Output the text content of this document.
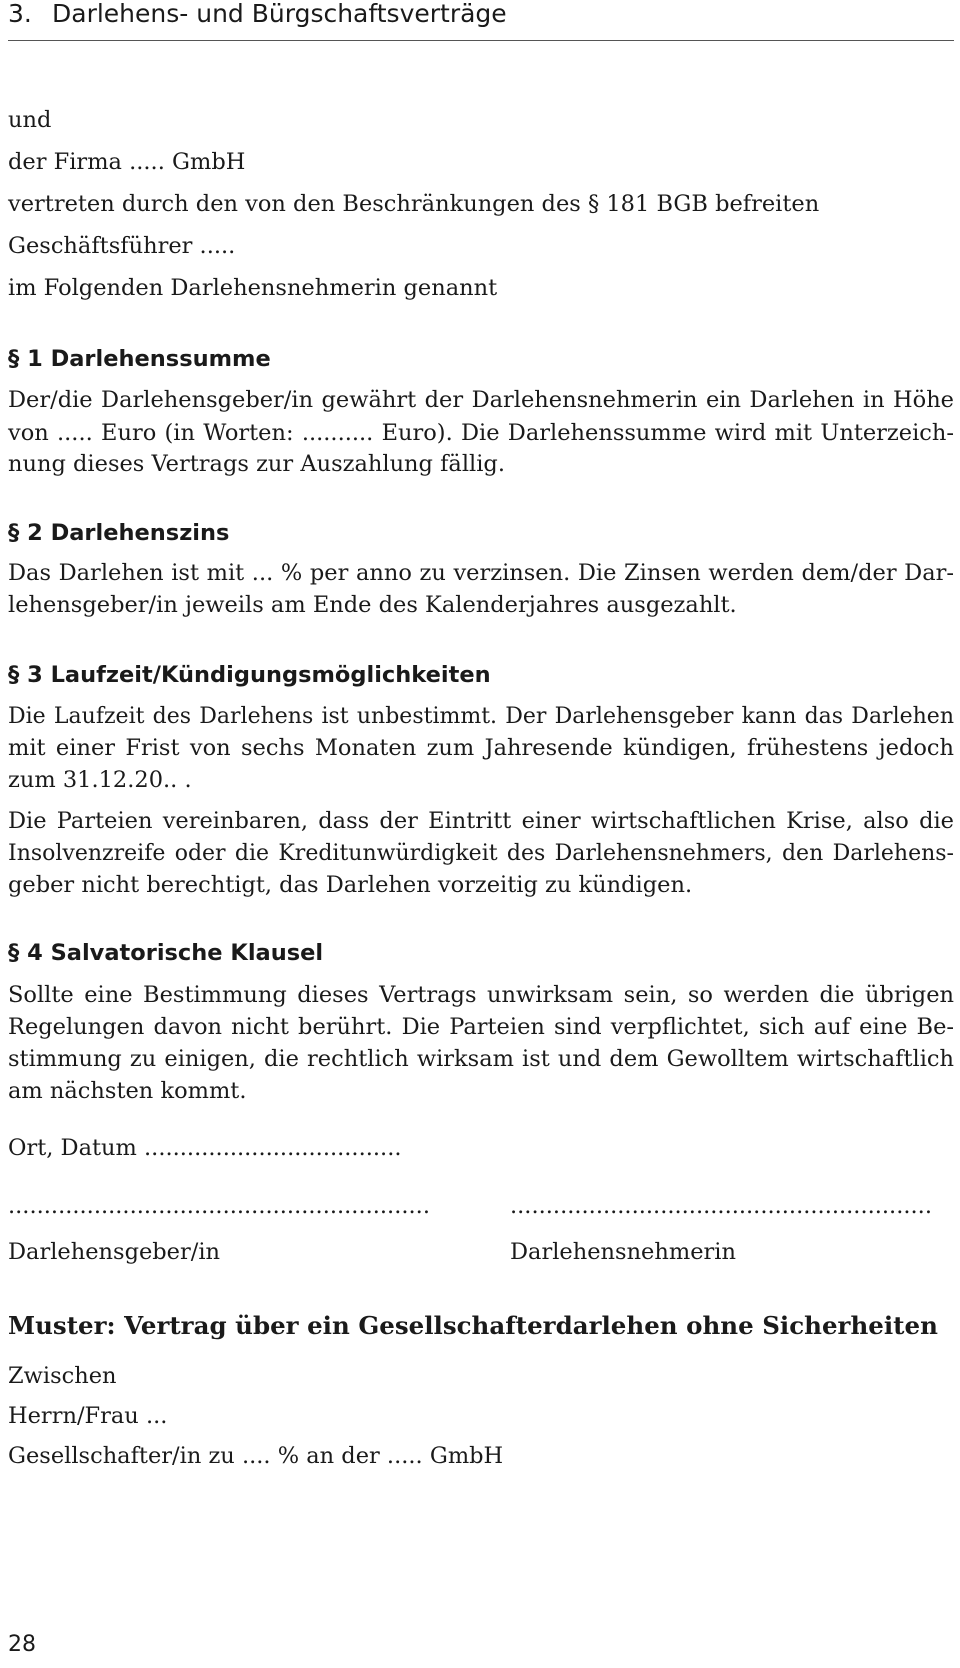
3. Darlehens- und Bürgschaftsverträge
und
der Firma ..... GmbH
vertreten durch den von den Beschränkungen des § 181 BGB befreiten
Geschäftsführer .....
im Folgenden Darlehensnehmerin genannt
§ 1 Darlehenssumme
Der/die Darlehensgeber/in gewährt der Darlehensnehmerin ein Darlehen in Höhe
von ..... Euro (in Worten: .......... Euro). Die Darlehenssumme wird mit Unterzeich-
nung dieses Vertrags zur Auszahlung fällig.
§ 2 Darlehenszins
Das Darlehen ist mit ... % per anno zu verzinsen. Die Zinsen werden dem/der Dar-
lehensgeber/in jeweils am Ende des Kalenderjahres ausgezahlt.
§ 3 Laufzeit/Kündigungsmöglichkeiten
Die Laufzeit des Darlehens ist unbestimmt. Der Darlehensgeber kann das Darlehen
mit einer Frist von sechs Monaten zum Jahresende kündigen, frühestens jedoch
zum 31.12.20.. .
Die Parteien vereinbaren, dass der Eintritt einer wirtschaftlichen Krise, also die
Insolvenzreife oder die Kreditunwürdigkeit des Darlehensnehmers, den Darlehens-
geber nicht berechtigt, das Darlehen vorzeitig zu kündigen.
§ 4 Salvatorische Klausel
Sollte eine Bestimmung dieses Vertrags unwirksam sein, so werden die übrigen
Regelungen davon nicht berührt. Die Parteien sind verpflichtet, sich auf eine Be-
stimmung zu einigen, die rechtlich wirksam ist und dem Gewolltem wirtschaftlich
am nächsten kommt.
Ort, Datum ....................................
...........................................................	...........................................................
Darlehensgeber/in	Darlehensnehmerin
Muster: Vertrag über ein Gesellschafterdarlehen ohne Sicherheiten
Zwischen
Herrn/Frau ...
Gesellschafter/in zu .... % an der ..... GmbH
28
